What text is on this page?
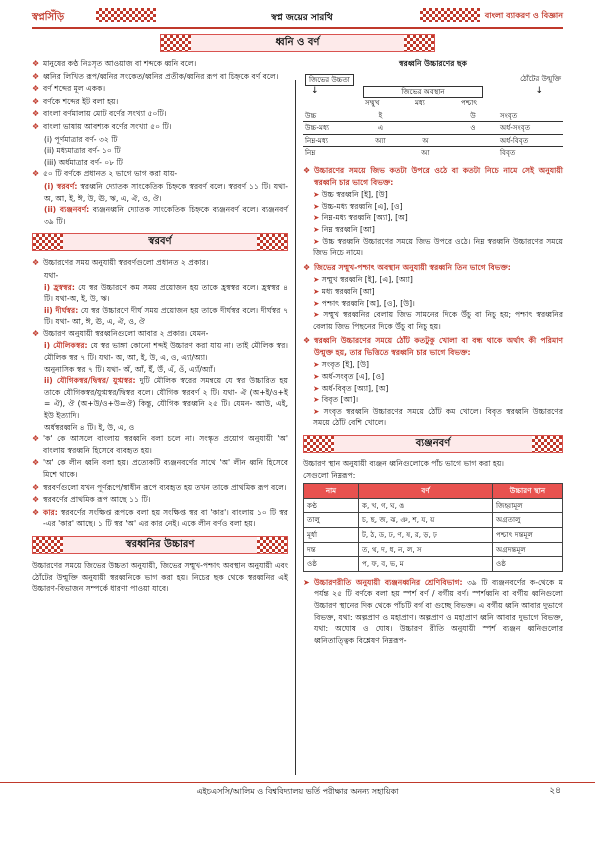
স্বপ্নসিঁড়ি	স্বপ্ন জয়ের সারথি	বাংলা ব্যাকরণ ও বিজ্ঞান
ধ্বনি ও বর্ণ
❖ মানুষের কণ্ঠ নিঃসৃত আওয়াজ বা শব্দকে ধ্বনি বলে।
❖ ধ্বনির লিখিত রূপ/ধ্বনির সংকেত/ধ্বনির প্রতীক/ধ্বনির রূপ বা চিহ্নকে বর্ণ বলে।
❖ বর্ণ শব্দের মূল একক।
❖ বর্ণকে শব্দের ইট বলা হয়।
❖ বাংলা বর্ণমালায় মোট বর্ণের সংখ্যা ৫০টি।
❖ বাংলা ভাষায় আবশ্যক বর্ণের সংখ্যা ৫০ টি।
(i) পূর্ণমাত্রার বর্ণ- ৩২ টি
(ii) মধ্যমাত্রার বর্ণ- ১০ টি
(iii) অর্ধমাত্রার বর্ণ- ০৮ টি
❖ ৫০ টি বর্ণকে প্রধানত ২ ভাগে ভাগ করা যায়-
(i) স্বরবর্ণ: স্বরধ্বনি দ্যোতক সাংকেতিক চিহ্নকে স্বরবর্ণ বলে। স্বরবর্ণ ১১ টি। যথা- অ, আ, ই, ঈ, উ, ঊ, ঋ, এ, ঐ, ও, ঔ।
(ii) ব্যঞ্জনবর্ণ: ব্যঞ্জনধ্বনি দ্যোতক সাংকেতিক চিহ্নকে ব্যঞ্জনবর্ণ বলে। ব্যঞ্জনবর্ণ ৩৯ টি।
স্বরবর্ণ
❖ উচ্চারণের সময় অনুযায়ী স্বরবর্ণগুলো প্রধানত ২ প্রকার।
যথা-
i) হ্রস্বস্বর: যে স্বর উচ্চারণে কম সময় প্রয়োজন হয় তাকে হ্রস্বস্বর বলে। হ্রস্বস্বর ৪ টি। যথা-অ, ই, উ, ঋ।
ii) দীর্ঘস্বর: যে স্বর উচ্চারণে দীর্ঘ সময় প্রয়োজন হয় তাকে দীর্ঘস্বর বলে। দীর্ঘস্বর ৭ টি। যথা- আ, ঈ, ঊ, এ, ঐ, ও, ঔ
❖ উচ্চারণ অনুযায়ী স্বরধ্বনিগুলো আবার ২ প্রকার। যেমন-
i) মৌলিকস্বর: যে স্বর ভাঙ্গা কোনো শব্দই উচ্চারণ করা যায় না। তাই মৌলিক স্বর। মৌলিক স্বর ৭ টি। যথা- অ, আ, ই, উ, এ, ও, এ্যা/অ্যা।
অনুনাসিক স্বর ৭ টি। যথা- অঁ, আঁ, ইঁ, উঁ, এঁ, ওঁ, এ্যাঁ/অ্যাঁ।
ii) যৌগিকস্বর/দ্বিস্বর/ যুগ্মস্বর: দুটি মৌলিক স্বরের সমন্বয়ে যে স্বর উচ্চারিত হয় তাকে যৌগিকস্বর/যুগ্মস্বর/দ্বিস্বর বলে। যৌগিক স্বরবর্ণ ২ টি। যথা- ঐ (অ+ই/ও+ই = ঐ), ঔ (অ+উ/ও+উ=ঔ) কিন্তু, যৌগিক স্বরধ্বনি ২৫ টি। যেমন- আউ, এই, ইউ ইত্যাদি।
অর্ধস্বরধ্বনি ৪ টি। ই, উ, এ, ও
❖ 'ক' কে আসলে বাংলায় স্বরধ্বনি বলা চলে না। সংস্কৃত প্রয়োগ অনুযায়ী 'অ' বাংলায় স্বরধ্বনি হিসেবে ব্যবহৃত হয়।
❖ 'অ' কে লীন ধ্বনি বলা হয়। প্রত্যেকটি ব্যঞ্জনবর্ণের সাথে 'অ' লীন ধ্বনি হিসেবে মিশে থাকে।
❖ স্বরবর্ণগুলো যখন পূর্ণরূপে/স্বাধীন রূপে ব্যবহৃত হয় তখন তাকে প্রাথমিক রূপ বলে।
❖ স্বরবর্ণের প্রাথমিক রূপ আছে ১১ টি।
❖ কার: স্বরবর্ণের সংক্ষিপ্ত রূপকে বলা হয় সংক্ষিপ্ত স্বর বা 'কার'। বাংলায় ১০ টি স্বর -এর 'কার' আছে। ১ টি স্বর 'অ' এর কার নেই। একে লীন বর্ণও বলা হয়।
স্বরধ্বনির উচ্চারণ
উচ্চারণের সময়ে জিভের উচ্চতা অনুযায়ী, জিভের সম্মুখ-পশ্চাৎ অবস্থান অনুযায়ী এবং ঠোঁটের উন্মুক্তি অনুযায়ী স্বরধ্বনিকে ভাগ করা হয়। নিচের ছক থেকে স্বরধ্বনির এই উচ্চারণ-বিভাজন সম্পর্কে ধারণা পাওয়া যাবে।
স্বরধ্বনি উচ্চারণের ছক
জিভের উচ্চতা	ঠোঁটের উন্মুক্তি
↓	জিভের অবস্থান	↓
সম্মুখ	মধ্য	পশ্চাৎ
উচ্চ	ই		উ	সংবৃত
উচ্চ-মধ্য	এ		ও	অর্ধ-সংবৃত
নিম্ন-মধ্য	অ্যা	অ		অর্ধ-বিবৃত
নিম্ন		আ		বিবৃত
❖ উচ্চারণের সময়ে জিভ কতটা উপরে ওঠে বা কতটা নিচে নামে সেই অনুযায়ী স্বরধ্বনি চার ভাগে বিভক্ত:
➤ উচ্চ স্বরধ্বনি [ই], [উ]
➤ উচ্চ-মধ্য স্বরধ্বনি [এ], [ও]
➤ নিম্ন-মধ্য স্বরধ্বনি [অ্যা], [অ]
➤ নিম্ন স্বরধ্বনি [আ]
➤ উচ্চ স্বরধ্বনি উচ্চারণের সময়ে জিভ উপরে ওঠে। নিম্ন স্বরধ্বনি উচ্চারণের সময়ে জিভ নিচে নামে।
❖ জিভের সম্মুখ-পশ্চাৎ অবস্থান অনুযায়ী স্বরধ্বনি তিন ভাগে বিভক্ত:
➤ সম্মুখ স্বরধ্বনি [ই], [এ], [অ্যা]
➤ মধ্য স্বরধ্বনি [আ]
➤ পশ্চাৎ স্বরধ্বনি [অ], [ও], [উ]।
➤ সম্মুখ স্বরধ্বনির বেলায় জিভ সামনের দিকে উঁচু বা নিচু হয়; পশ্চাৎ স্বরধ্বনির বেলায় জিভ পিছনের দিকে উঁচু বা নিচু হয়।
❖ স্বরধ্বনি উচ্চারণের সময়ে ঠোঁট কতটুকু খোলা বা বন্ধ থাকে অর্থাৎ কী পরিমাণ উন্মুক্ত হয়, তার ভিত্তিতে স্বরধ্বনি চার ভাগে বিভক্ত:
➤ সংবৃত [ই], [উ]
➤ অর্ধ-সংবৃত [এ], [ও]
➤ অর্ধ-বিবৃত [অ্যা], [অ]
➤ বিবৃত [আ]।
➤ সংবৃত স্বরধ্বনি উচ্চারণের সময়ে ঠোঁট কম খোলে। বিবৃত স্বরধ্বনি উচ্চারণের সময়ে ঠোঁট বেশি খোলে।
ব্যঞ্জনবর্ণ
উচ্চারণ স্থান অনুযায়ী ব্যঞ্জন ধ্বনিগুলোকে পাঁচ ভাগে ভাগ করা হয়।
সেগুলো নিম্নরূপ:
নাম	বর্ণ	উচ্চারণ স্থান
কণ্ঠ	ক, খ, গ, ঘ, ঙ	জিহ্বামূল
তালু	চ, ছ, জ, ঝ, ঞ, শ, য, য়	অগ্রতালু
মূর্ধা	ট, ঠ, ড, ঢ, ণ, ষ, র, ড়, ঢ়	পশ্চাৎ দন্তমূল
দন্ত	ত, থ, দ, ধ, ন, ল, স	অগ্রদন্তমূল
ওষ্ঠ	প, ফ, ব, ভ, ম	ওষ্ঠ
➤ উচ্চারণরীতি অনুযায়ী ব্যঞ্জনধ্বনির শ্রেণিবিভাগ: ৩৯ টি ব্যঞ্জনবর্ণের ক-থেকে ম পর্যন্ত ২৫ টি বর্ণকে বলা হয় স্পর্শ বর্ণ / বর্গীয় বর্ণ। স্পর্শধ্বনি বা বর্গীয় ধ্বনিগুলো উচ্চারণ স্থানের দিক থেকে পাঁচটি বর্গ বা গুচ্ছে বিভক্ত। এ বর্গীয় ধ্বনি আবার দুভাগে বিভক্ত, যথা: অল্পপ্রাণ ও মহাপ্রাণ। অল্পপ্রাণ ও মহাপ্রাণ ধ্বনি আবার দুভাগে বিভক্ত, যথা: অঘোষ ও ঘোষ। উচ্চারণ রীতি অনুযায়ী স্পর্শ ব্যঞ্জন ধ্বনিগুলোর ধ্বনিতাত্ত্বিক বিশ্লেষণ নিম্নরূপ-
এইচএসসি/আলিম ও বিশ্ববিদ্যালয় ভর্তি পরীক্ষার অনন্য সহায়িকা	২৪
